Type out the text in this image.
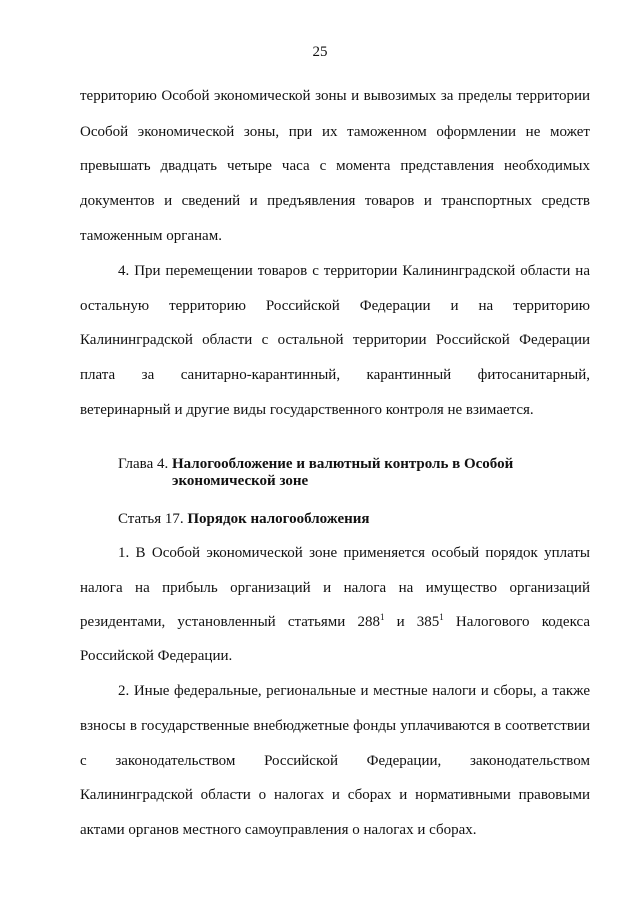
25
территорию Особой экономической зоны и вывозимых за пределы территории
Особой экономической зоны, при их таможенном оформлении не может
превышать двадцать четыре часа с момента представления необходимых
документов и сведений и предъявления товаров и транспортных средств
таможенным органам.
4. При перемещении товаров с территории Калининградской области на
остальную территорию Российской Федерации и на территорию
Калининградской области с остальной территории Российской Федерации
плата за санитарно-карантинный, карантинный фитосанитарный,
ветеринарный и другие виды государственного контроля не взимается.
Глава 4. Налогообложение и валютный контроль в Особой
экономической зоне
Статья 17. Порядок налогообложения
1. В Особой экономической зоне применяется особый порядок уплаты
налога на прибыль организаций и налога на имущество организаций
резидентами, установленный статьями $288^1$ и $385^1$ Налогового кодекса
Российской Федерации.
2. Иные федеральные, региональные и местные налоги и сборы, а также
взносы в государственные внебюджетные фонды уплачиваются в соответствии
с законодательством Российской Федерации, законодательством
Калининградской области о налогах и сборах и нормативными правовыми
актами органов местного самоуправления о налогах и сборах.
